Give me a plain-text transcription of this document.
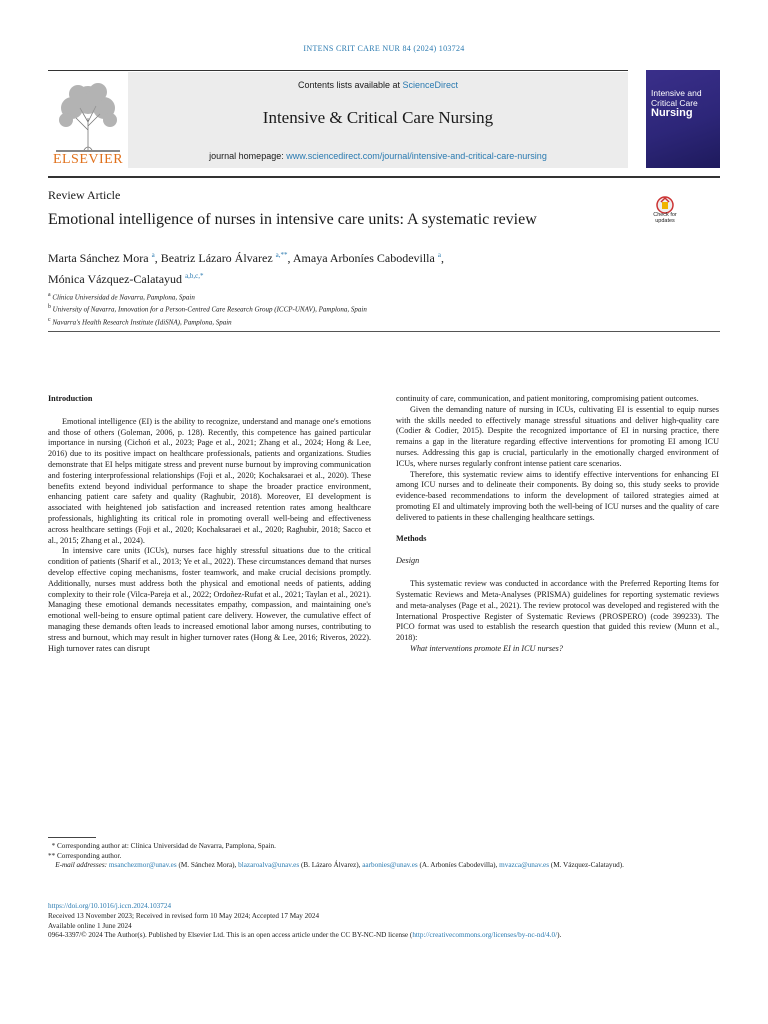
INTENS CRIT CARE NUR 84 (2024) 103724
ELSEVIER
Contents lists available at ScienceDirect
Intensive & Critical Care Nursing
journal homepage: www.sciencedirect.com/journal/intensive-and-critical-care-nursing
Intensive and
Critical Care
Nursing
Review Article
Emotional intelligence of nurses in intensive care units: A systematic review	Check for updates
Marta Sánchez Mora $^a$, Beatriz Lázaro Álvarez $^{a,**}$, Amaya Arboníes Cabodevilla $^a$,
Mónica Vázquez-Calatayud $^{a,b,c,*}$
$^a$ Clínica Universidad de Navarra, Pamplona, Spain
$^b$ University of Navarra, Innovation for a Person-Centred Care Research Group (ICCP-UNAV), Pamplona, Spain
$^c$ Navarra's Health Research Institute (IdiSNA), Pamplona, Spain
Introduction

Emotional intelligence (EI) is the ability to recognize, understand and manage one's emotions and those of others (Goleman, 2006, p. 128). Recently, this competence has gained particular importance in nursing (Cichoń et al., 2023; Page et al., 2021; Zhang et al., 2024; Hong & Lee, 2016) due to its positive impact on healthcare professionals, patients and organizations. Studies demonstrate that EI helps mitigate stress and prevent nurse burnout by improving communication and fostering interprofessional relationships (Foji et al., 2020; Kochaksaraei et al., 2020). These benefits extend beyond individual performance to shape the broader practice environment, enhancing patient care safety and quality (Raghubir, 2018). Moreover, EI development is associated with heightened job satisfaction and increased retention rates among healthcare professionals, highlighting its critical role in promoting overall well-being and effectiveness across healthcare settings (Foji et al., 2020; Kochaksaraei et al., 2020; Raghubir, 2018; Sacco et al., 2015; Zhang et al., 2024).

In intensive care units (ICUs), nurses face highly stressful situations due to the critical condition of patients (Sharif et al., 2013; Ye et al., 2022). These circumstances demand that nurses develop effective coping mechanisms, foster teamwork, and make crucial decisions promptly. Additionally, nurses must address both the physical and emotional needs of patients, adding complexity to their role (Vilca-Pareja et al., 2022; Ordoñez-Rufat et al., 2021; Taylan et al., 2021). Managing these emotional demands necessitates empathy, compassion, and maintaining one's emotional well-being to ensure optimal patient care delivery. However, the cumulative effect of managing these demands often leads to increased emotional labor among nurses, contributing to stress and burnout, which may result in higher turnover rates (Hong & Lee, 2016; Riveros, 2022). High turnover rates can disrupt

continuity of care, communication, and patient monitoring, compromising patient outcomes.

Given the demanding nature of nursing in ICUs, cultivating EI is essential to equip nurses with the skills needed to effectively manage stressful situations and deliver high-quality care (Codier & Codier, 2015). Despite the recognized importance of EI in nursing practice, there remains a gap in the literature regarding effective interventions for promoting EI among ICU nurses. Addressing this gap is crucial, particularly in the emotionally charged environment of ICUs, where nurses regularly confront intense patient care scenarios.

Therefore, this systematic review aims to identify effective interventions for enhancing EI among ICU nurses and to delineate their components. By doing so, this study seeks to provide evidence-based recommendations to inform the development of tailored strategies aimed at promoting EI and ultimately improving both the well-being of ICU nurses and the quality of care delivered to patients in these challenging healthcare settings.

Methods
Design

This systematic review was conducted in accordance with the Preferred Reporting Items for Systematic Reviews and Meta-Analyses (PRISMA) guidelines for reporting systematic reviews and meta-analyses (Page et al., 2021). The review protocol was developed and registered with the International Prospective Register of Systematic Reviews (PROSPERO) (code 399233). The PICO format was used to establish the research question that guided this review (Munn et al., 2018):

What interventions promote EI in ICU nurses?

* Corresponding author at: Clínica Universidad de Navarra, Pamplona, Spain.
** Corresponding author.
E-mail addresses: msanchezmor@unav.es (M. Sánchez Mora), blazaroalva@unav.es (B. Lázaro Álvarez), aarbonies@unav.es (A. Arboníes Cabodevilla), mvazca@unav.es (M. Vázquez-Calatayud).
https://doi.org/10.1016/j.iccn.2024.103724
Received 13 November 2023; Received in revised form 10 May 2024; Accepted 17 May 2024
Available online 1 June 2024
0964-3397/© 2024 The Author(s). Published by Elsevier Ltd. This is an open access article under the CC BY-NC-ND license (http://creativecommons.org/licenses/by-nc-nd/4.0/).
